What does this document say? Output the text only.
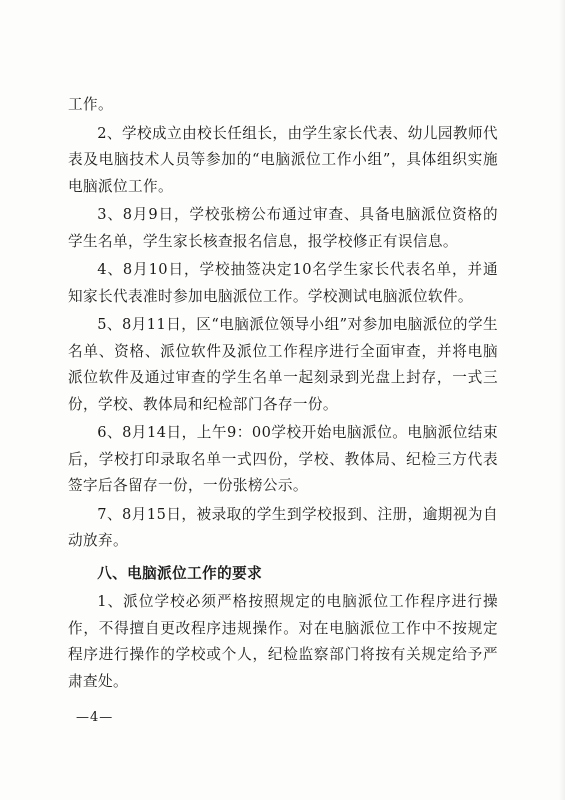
工作。

2、学校成立由校长任组长，由学生家长代表、幼儿园教师代表及电脑技术人员等参加的“电脑派位工作小组”，具体组织实施电脑派位工作。

3、8月9日，学校张榜公布通过审查、具备电脑派位资格的学生名单，学生家长核查报名信息，报学校修正有误信息。

4、8月10日，学校抽签决定10名学生家长代表名单，并通知家长代表准时参加电脑派位工作。学校测试电脑派位软件。

5、8月11日，区“电脑派位领导小组”对参加电脑派位的学生名单、资格、派位软件及派位工作程序进行全面审查，并将电脑派位软件及通过审查的学生名单一起刻录到光盘上封存，一式三份，学校、教体局和纪检部门各存一份。

6、8月14日，上午9：00学校开始电脑派位。电脑派位结束后，学校打印录取名单一式四份，学校、教体局、纪检三方代表签字后各留存一份，一份张榜公示。

7、8月15日，被录取的学生到学校报到、注册，逾期视为自动放弃。

八、电脑派位工作的要求

1、派位学校必须严格按照规定的电脑派位工作程序进行操作，不得擅自更改程序违规操作。对在电脑派位工作中不按规定程序进行操作的学校或个人，纪检监察部门将按有关规定给予严肃查处。

—4—
